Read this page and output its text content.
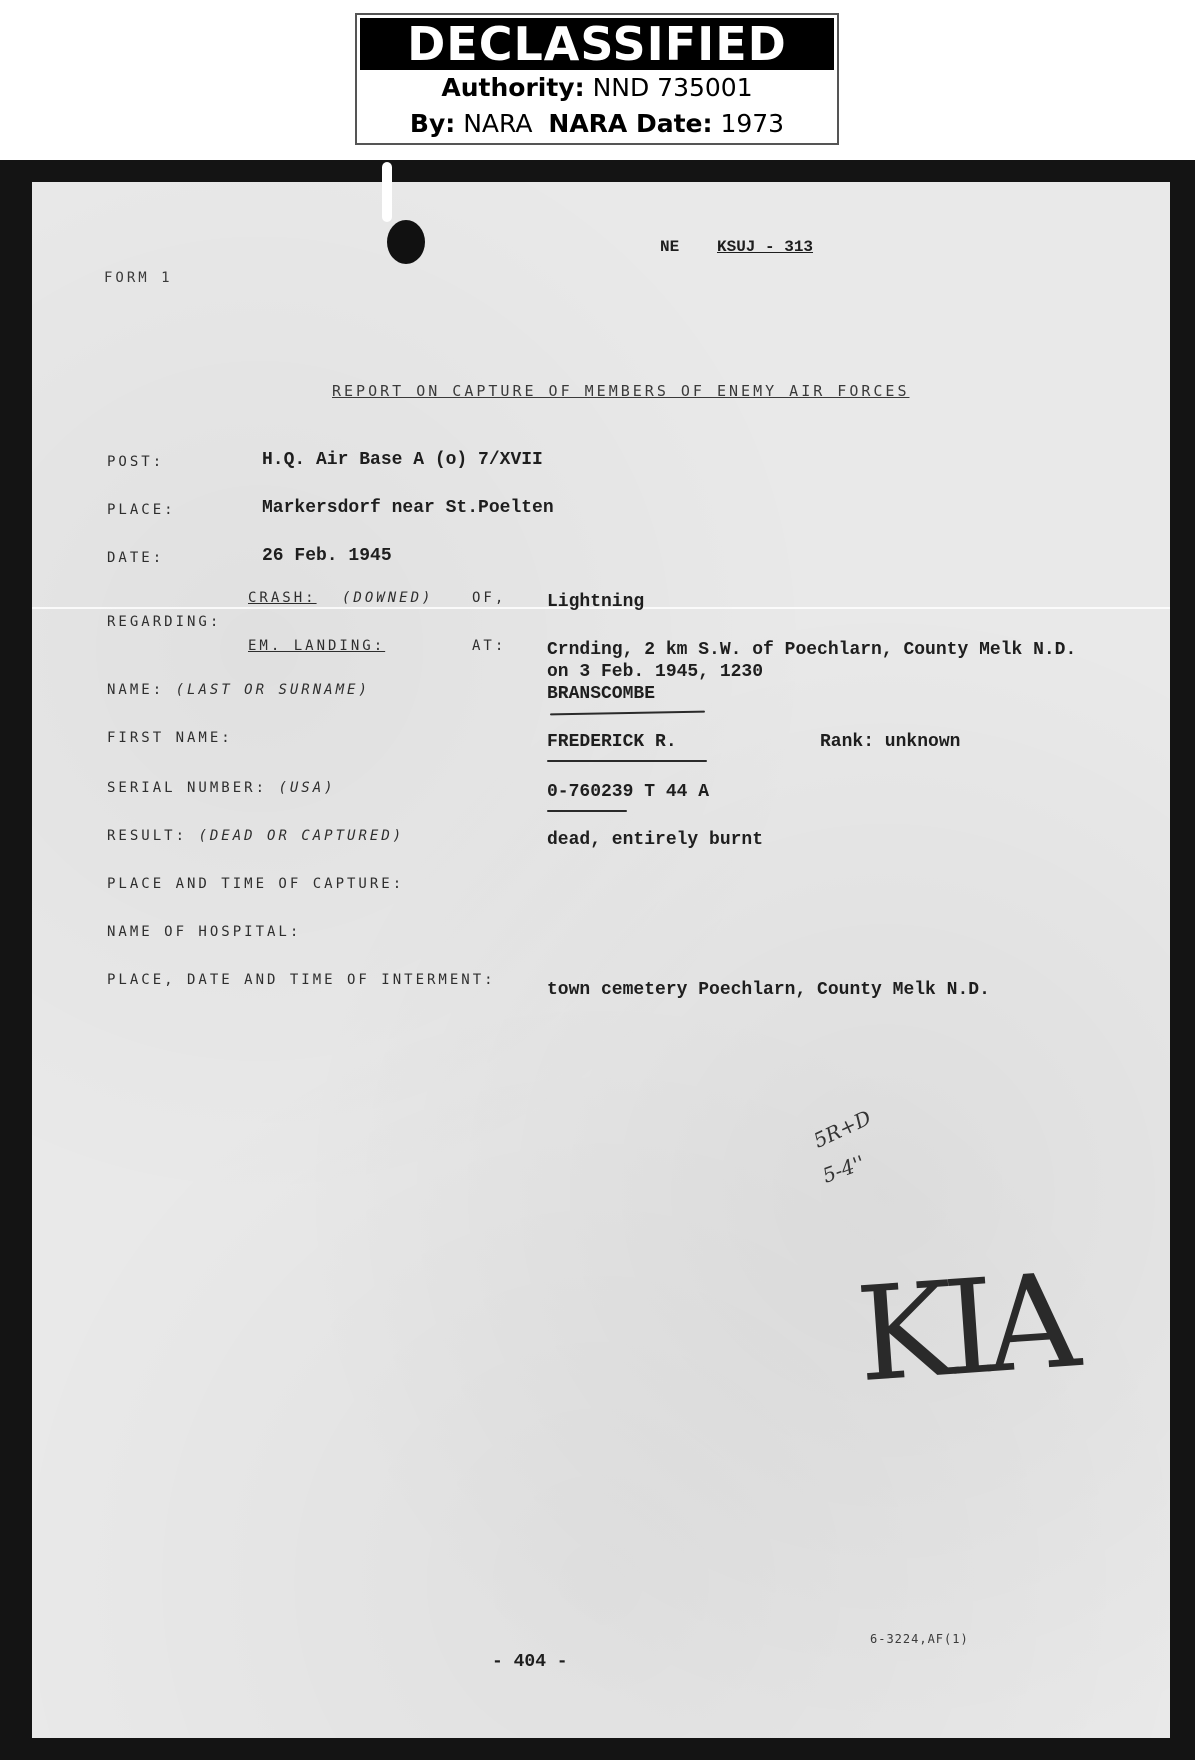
DECLASSIFIED
Authority: NND 735001
By: NARA NARA Date: 1973
FORM 1
NE KSUJ - 313
REPORT ON CAPTURE OF MEMBERS OF ENEMY AIR FORCES
POST:	H.Q. Air Base A (o) 7/XVII
PLACE:	Markersdorf near St.Poelten
DATE:	26 Feb. 1945
CRASH: (DOWNED)	OF, Lightning
REGARDING:
EM. LANDING:	AT: Crnding, 2 km S.W. of Poechlarn, County Melk N.D.
on 3 Feb. 1945, 1230
NAME: (LAST OR SURNAME)	BRANSCOMBE
FIRST NAME:	FREDERICK R.	Rank: unknown
SERIAL NUMBER: (USA)	0-760239 T 44 A
RESULT: (DEAD OR CAPTURED)	dead, entirely burnt
PLACE AND TIME OF CAPTURE:
NAME OF HOSPITAL:
PLACE, DATE AND TIME OF INTERMENT:	town cemetery Poechlarn, County Melk N.D.
5R+D
5-4''
KIA
6-3224,AF(1)
- 404 -
